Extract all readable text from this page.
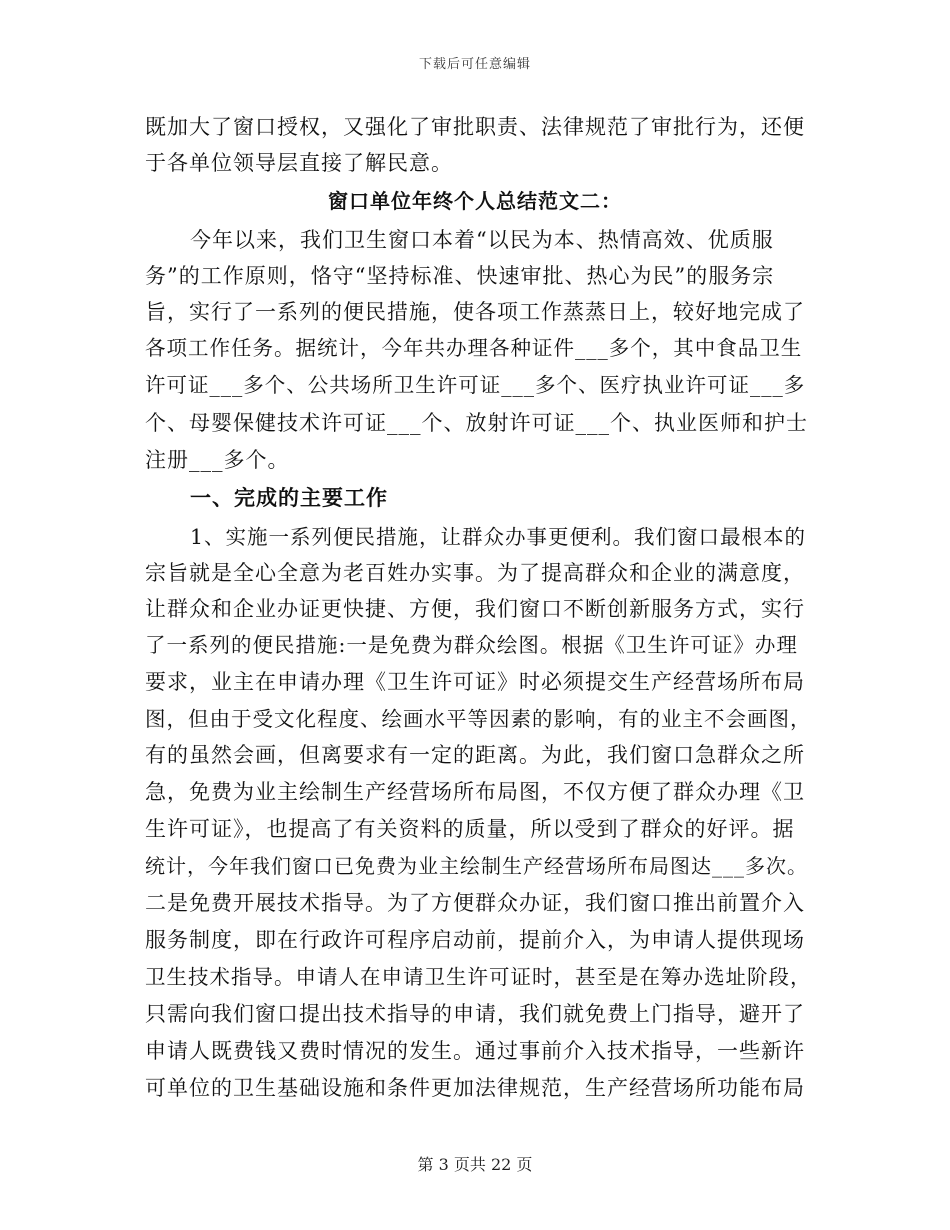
下载后可任意编辑
既加大了窗口授权，又强化了审批职责、法律规范了审批行为，还便
于各单位领导层直接了解民意。
窗口单位年终个人总结范文二：
今年以来，我们卫生窗口本着“以民为本、热情高效、优质服
务”的工作原则，恪守“坚持标准、快速审批、热心为民”的服务宗
旨，实行了一系列的便民措施，使各项工作蒸蒸日上，较好地完成了
各项工作任务。据统计，今年共办理各种证件___多个，其中食品卫生
许可证___多个、公共场所卫生许可证___多个、医疗执业许可证___多
个、母婴保健技术许可证___个、放射许可证___个、执业医师和护士
注册___多个。
一、完成的主要工作
1、实施一系列便民措施，让群众办事更便利。我们窗口最根本的
宗旨就是全心全意为老百姓办实事。为了提高群众和企业的满意度，
让群众和企业办证更快捷、方便，我们窗口不断创新服务方式，实行
了一系列的便民措施:一是免费为群众绘图。根据《卫生许可证》办理
要求，业主在申请办理《卫生许可证》时必须提交生产经营场所布局
图，但由于受文化程度、绘画水平等因素的影响，有的业主不会画图，
有的虽然会画，但离要求有一定的距离。为此，我们窗口急群众之所
急，免费为业主绘制生产经营场所布局图，不仅方便了群众办理《卫
生许可证》，也提高了有关资料的质量，所以受到了群众的好评。据
统计，今年我们窗口已免费为业主绘制生产经营场所布局图达___多次。
二是免费开展技术指导。为了方便群众办证，我们窗口推出前置介入
服务制度，即在行政许可程序启动前，提前介入，为申请人提供现场
卫生技术指导。申请人在申请卫生许可证时，甚至是在筹办选址阶段，
只需向我们窗口提出技术指导的申请，我们就免费上门指导，避开了
申请人既费钱又费时情况的发生。通过事前介入技术指导，一些新许
可单位的卫生基础设施和条件更加法律规范，生产经营场所功能布局
第 3 页共 22 页
